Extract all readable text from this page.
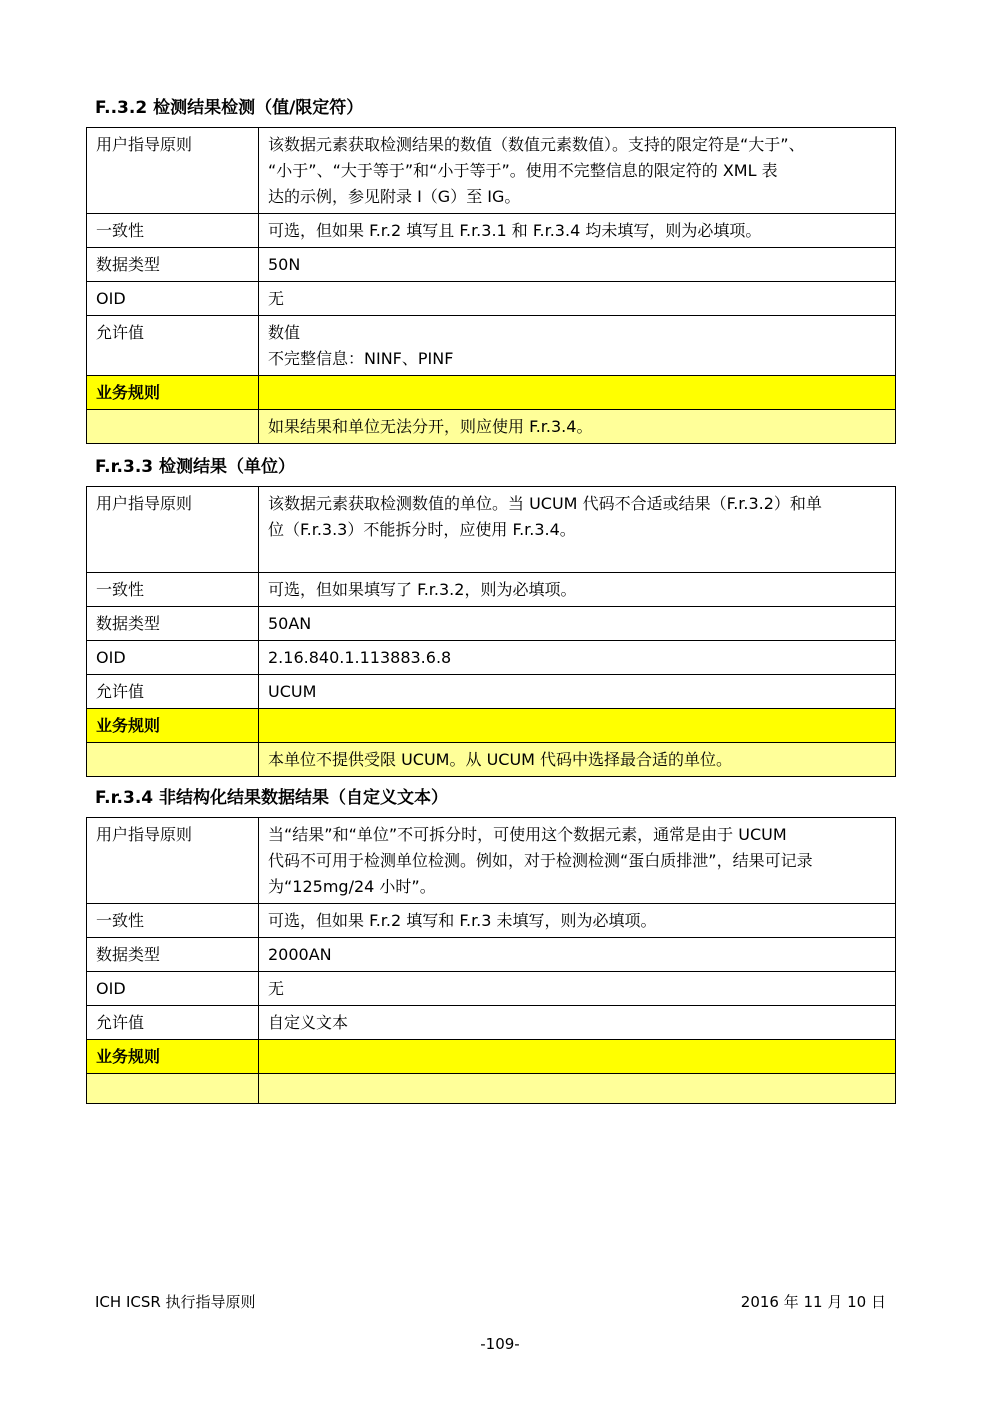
F..3.2 检测结果检测（值/限定符）
用户指导原则	该数据元素获取检测结果的数值（数值元素数值）。支持的限定符是“大于”、
“小于”、“大于等于”和“小于等于”。使用不完整信息的限定符的 XML 表
达的示例，参见附录 I（G）至 IG。

一致性	可选，但如果 F.r.2 填写且 F.r.3.1 和 F.r.3.4 均未填写，则为必填项。
数据类型	50N
OID	无
允许值	数值
不完整信息：NINF、PINF

业务规则	
	如果结果和单位无法分开，则应使用 F.r.3.4。
F.r.3.3 检测结果（单位）
用户指导原则	该数据元素获取检测数值的单位。当 UCUM 代码不合适或结果（F.r.3.2）和单
位（F.r.3.3）不能拆分时，应使用 F.r.3.4。

一致性	可选，但如果填写了 F.r.3.2，则为必填项。
数据类型	50AN
OID	2.16.840.1.113883.6.8
允许值	UCUM
业务规则	
	本单位不提供受限 UCUM。从 UCUM 代码中选择最合适的单位。
F.r.3.4 非结构化结果数据结果（自定义文本）
用户指导原则	当“结果”和“单位”不可拆分时，可使用这个数据元素，通常是由于 UCUM
代码不可用于检测单位检测。例如，对于检测检测“蛋白质排泄”，结果可记录
为“125mg/24 小时”。

一致性	可选，但如果 F.r.2 填写和 F.r.3 未填写，则为必填项。
数据类型	2000AN
OID	无
允许值	自定义文本
业务规则	

ICH ICSR 执行指导原则	2016 年 11 月 10 日
-109-
